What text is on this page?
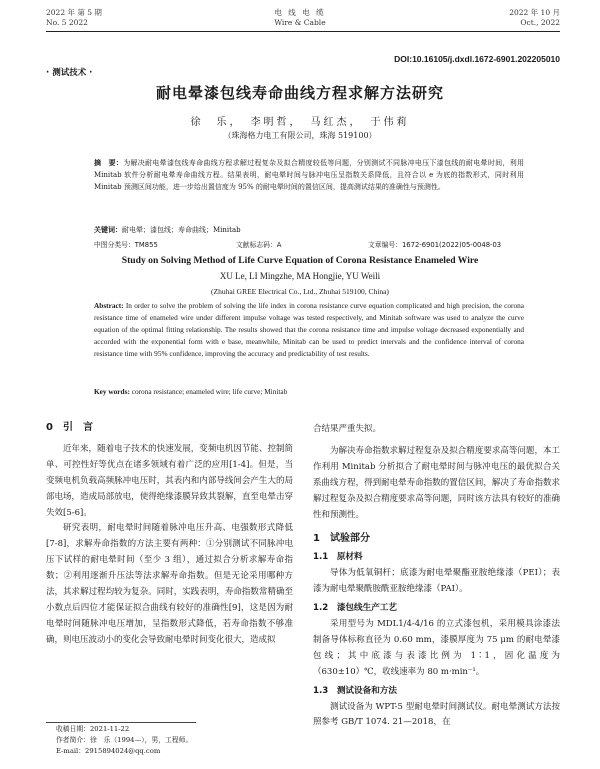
2022 年 第 5 期
No. 5 2022
电 线 电 缆
Wire & Cable
2022 年 10 月
Oct., 2022
DOI:10.16105/j.dxdl.1672-6901.202205010
· 测试技术 ·
耐电晕漆包线寿命曲线方程求解方法研究
徐　乐，　李明哲，　马红杰，　于伟莉
（珠海格力电工有限公司，珠海 519100）
摘　要：为解决耐电晕漆包线寿命曲线方程求解过程复杂及拟合精度较低等问题，分别测试不同脉冲电压下漆包线的耐电晕时间，利用 Minitab 软件分析耐电晕寿命曲线方程。结果表明，耐电晕时间与脉冲电压呈指数关系降低，且符合以 e 为底的指数形式，同时利用 Minitab 预测区间功能，进一步给出置信度为 95% 的耐电晕时间的置信区间，提高测试结果的准确性与预测性。
关键词：耐电晕；漆包线；寿命曲线；Minitab
中图分类号：TM855	文献标志码：A	文章编号：1672-6901(2022)05-0048-03
Study on Solving Method of Life Curve Equation of Corona Resistance Enameled Wire
XU Le, LI Mingzhe, MA Hongjie, YU Weili
(Zhuhai GREE Electrical Co., Ltd., Zhuhai 519100, China)
Abstract: In order to solve the problem of solving the life index in corona resistance curve equation complicated and high precision, the corona resistance time of enameled wire under different impulse voltage was tested respectively, and Minitab software was used to analyze the curve equation of the optimal fitting relationship. The results showed that the corona resistance time and impulse voltage decreased exponentially and accorded with the exponential form with e base, meanwhile, Minitab can be used to predict intervals and the confidence interval of corona resistance time with 95% confidence, improving the accuracy and predictability of test results.
Key words: corona resistance; enameled wire; life curve; Minitab
0　引　言

近年来，随着电子技术的快速发展，变频电机因节能、控制简单、可控性好等优点在诸多领域有着广泛的应用[1-4]。但是，当变频电机负载高频脉冲电压时，其表内和内部导线间会产生大的局部电场，造成局部放电，使得绝缘漆膜异致其裂解，直至电晕击穿失效[5-6]。

研究表明，耐电晕时间随着脉冲电压升高、电强数形式降低[7-8]，求解寿命指数的方法主要有两种：①分别测试不同脉冲电压下试样的耐电晕时间（至少 3 组），通过拟合分析求解寿命指数；②利用逐渐升压法等法求解寿命指数。但是无论采用哪种方法，其求解过程均较为复杂。同时，实践表明，寿命指数常精确至小数点后四位才能保证拟合曲线有较好的准确性[9]，这是因为耐电晕时间随脉冲电压增加，呈指数形式降低，若寿命指数不够准确，则电压波动小的变化会导致耐电晕时间变化很大，造成拟

收稿日期：2021-11-22
作者简介：徐　乐（1994—），男，工程师。
E-mail：2915894024@qq.com
合结果严重失拟。

为解决寿命指数求解过程复杂及拟合精度要求高等问题，本工作利用 Minitab 分析拟合了耐电晕时间与脉冲电压的最优拟合关系曲线方程，得到耐电晕寿命指数的置信区间，解决了寿命指数求解过程复杂及拟合精度要求高等问题，同时该方法具有较好的准确性和预测性。

1　试验部分
1.1　原材料

导体为低氧铜杆；底漆为耐电晕聚酯亚胺绝缘漆（PEI）；表漆为耐电晕聚酰胺酰亚胺绝缘漆（PAI）。

1.2　漆包线生产工艺

采用型号为 MDL1/4-4/16 的立式漆包机，采用模具涂漆法制备导体标称直径为 0.60 mm，漆膜厚度为 75 μm 的耐电晕漆包线；其中底漆与表漆比例为 1∶1，固化温度为（630±10）℃，收线速率为 80 m·min⁻¹。

1.3　测试设备和方法

测试设备为 WPT-5 型耐电晕时间测试仪。耐电晕测试方法按照参考 GB/T 1074. 21—2018，在
